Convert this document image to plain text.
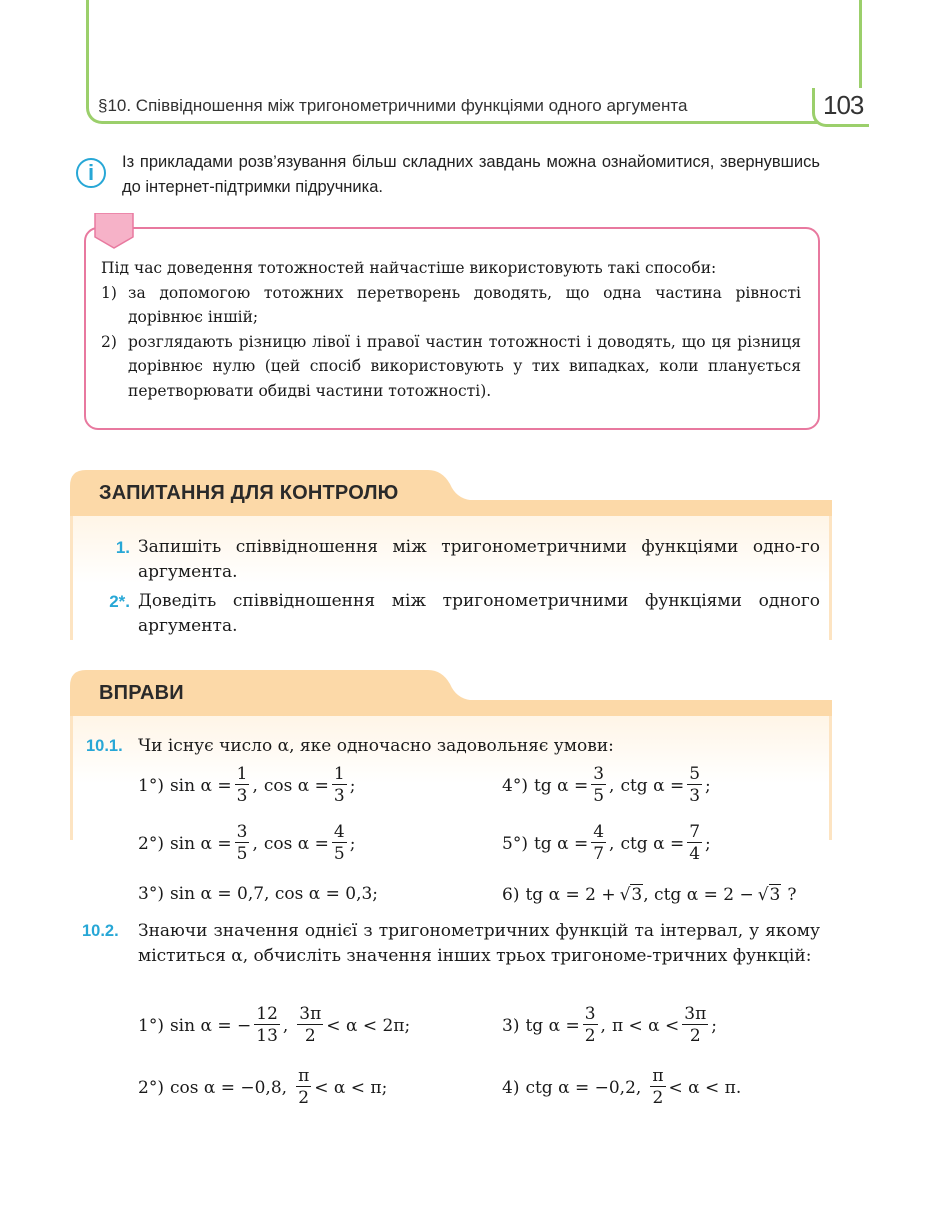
§10. Співвідношення між тригонометричними функціями одного аргумента	103
i	Із прикладами розв’язування більш складних завдань можна ознайомитися, звернувшись до інтернет-підтримки підручника.
Під час доведення тотожностей найчастіше використовують такі способи:
1) за допомогою тотожних перетворень доводять, що одна частина рівності дорівнює іншій;
2) розглядають різницю лівої і правої частин тотожності і доводять, що ця різниця дорівнює нулю (цей спосіб використовують у тих випадках, коли планується перетворювати обидві частини тотожності).
ЗАПИТАННЯ ДЛЯ КОНТРОЛЮ
1. Запишіть співвідношення між тригонометричними функціями одно-го аргумента.
2*. Доведіть співвідношення між тригонометричними функціями одного аргумента.
ВПРАВИ
10.1. Чи існує число α, яке одночасно задовольняє умови:
1°) $\sin \alpha = \frac{1}{3}$ , $\cos \alpha = \frac{1}{3}$ ;	4°) tg $\alpha = \frac{3}{5}$ , ctg $\alpha = \frac{5}{3}$ ;
2°) $\sin \alpha = \frac{3}{5}$ , $\cos \alpha = \frac{4}{5}$ ;	5°) tg $\alpha = \frac{4}{7}$ , ctg $\alpha = \frac{7}{4}$ ;
3°) sin α = 0,7, cos α = 0,3;	6) tg α = 2 + √ 3 , ctg α = 2 − √ 3 ?
10.2. Знаючи значення однієї з тригонометричних функцій та інтервал, у якому міститься α, обчисліть значення інших трьох тригономе-тричних функцій:
1°) sin α = − $\frac{12}{13}$ , $\frac{3\pi}{2} < \alpha < 2\pi$;	3) tg $\alpha = \frac{3}{2}$ , $\pi < \alpha < \frac{3\pi}{2}$ ;
2°) cos α = −0,8, $\frac{\pi}{2} < \alpha < \pi$;	4) ctg α = −0,2, $\frac{\pi}{2} < \alpha < \pi$.
